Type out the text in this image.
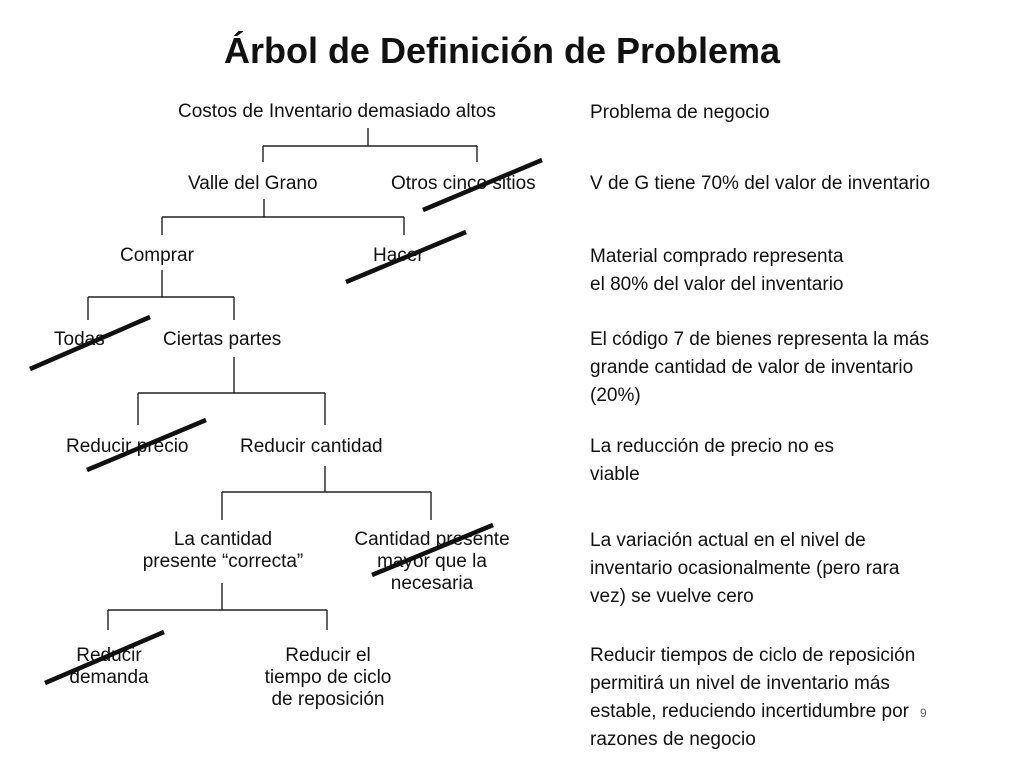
Árbol de Definición de Problema
Costos de Inventario demasiado altos
Valle del Grano	Otros cinco sitios
Comprar	Hacer
Todas	Ciertas partes
Reducir precio	Reducir cantidad
La cantidad
presente “correcta”
Cantidad presente
mayor que la
necesaria
Reducir
demanda
Reducir el
tiempo de ciclo
de reposición
Problema de negocio
V de G tiene 70% del valor de inventario
Material comprado representa
el 80% del valor del inventario
El código 7 de bienes representa la más
grande cantidad de valor de inventario
(20%)
La reducción de precio no es
viable
La variación actual en el nivel de
inventario ocasionalmente (pero rara
vez) se vuelve cero
Reducir tiempos de ciclo de reposición
permitirá un nivel de inventario más
estable, reduciendo incertidumbre por
razones de negocio
9
